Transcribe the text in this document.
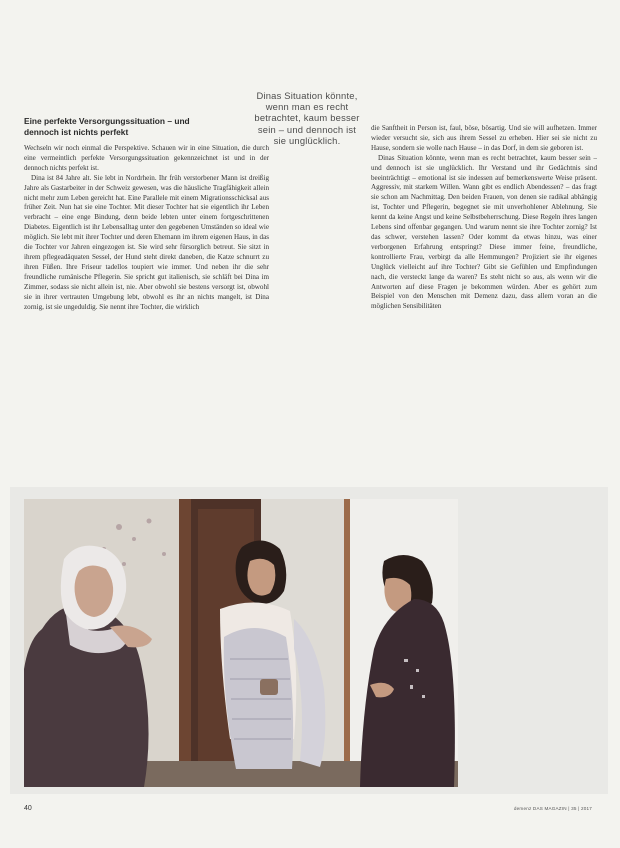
Eine perfekte Versorgungssituation – und dennoch ist nichts perfekt
Dinas Situation könnte, wenn man es recht betrachtet, kaum besser sein – und dennoch ist sie unglücklich.

Wechseln wir noch einmal die Perspektive. Schauen wir in eine Situation, die durch eine vermeintlich perfekte Versorgungssituation gekennzeichnet ist und in der dennoch nichts perfekt ist.

Dina ist 84 Jahre alt. Sie lebt in Nordrhein. Ihr früh verstorbener Mann ist dreißig Jahre als Gastarbeiter in der Schweiz gewesen, was die häusliche Tragfähigkeit allein nicht mehr zum Leben gereicht hat. Eine Parallele mit einem Migrationsschicksal aus früher Zeit. Nun hat sie eine Tochter. Mit dieser Tochter hat sie eigentlich ihr Leben verbracht – eine enge Bindung, denn beide lebten unter einem fortgeschrittenen Diabetes. Eigentlich ist ihr Lebensalltag unter den gegebenen Umständen so ideal wie möglich. Sie lebt mit ihrer Tochter und deren Ehemann im ihrem eigenen Haus, in das die Tochter vor Jahren eingezogen ist. Sie wird sehr fürsorglich betreut. Sie sitzt in ihrem pflegeadäquaten Sessel, der Hund steht direkt daneben, die Katze schnurrt zu ihren Füßen. Ihre Friseur tadellos toupiert wie immer. Und neben ihr die sehr freundliche rumänische Pflegerin. Sie spricht gut italienisch, sie schläft bei Dina im Zimmer, sodass sie nicht allein ist, nie. Aber obwohl sie bestens versorgt ist, obwohl sie in ihrer vertrauten Umgebung lebt, obwohl es ihr an nichts mangelt, ist Dina zornig, ist sie ungeduldig. Sie nennt ihre Tochter, die wirklich

die Sanftheit in Person ist, faul, böse, bösartig. Und sie will aufhetzen. Immer wieder versucht sie, sich aus ihrem Sessel zu erheben. Hier sei sie nicht zu Hause, sondern sie wolle nach Hause – in das Dorf, in dem sie geboren ist.

Dinas Situation könnte, wenn man es recht betrachtet, kaum besser sein – und dennoch ist sie unglücklich. Ihr Verstand und ihr Gedächtnis sind beeinträchtigt – emotional ist sie indessen auf bemerkenswerte Weise präsent. Aggressiv, mit starkem Willen. Wann gibt es endlich Abendessen? – das fragt sie schon am Nachmittag. Den beiden Frauen, von denen sie radikal abhängig ist, Tochter und Pflegerin, begegnet sie mit unverhohlener Ablehnung. Sie kennt da keine Angst und keine Selbstbeherrschung. Diese Regeln ihres langen Lebens sind offenbar gegangen. Und warum nennt sie ihre Tochter zornig? Ist das schwer, verstehen lassen? Oder kommt da etwas hinzu, was einer verborgenen Erfahrung entspringt? Diese immer feine, freundliche, kontrollierte Frau, verbirgt da alle Hemmungen? Projiziert sie ihr eigenes Unglück vielleicht auf ihre Tochter? Gibt sie Gefühlen und Empfindungen nach, die versteckt lange da waren? Es steht nicht so aus, als wenn wir die Antworten auf diese Fragen je bekommen würden. Aber es gehört zum Beispiel von den Menschen mit Demenz dazu, dass allem voran an die möglichen Sensibilitäten

40	demenz DAS MAGAZIN | 35 | 2017
